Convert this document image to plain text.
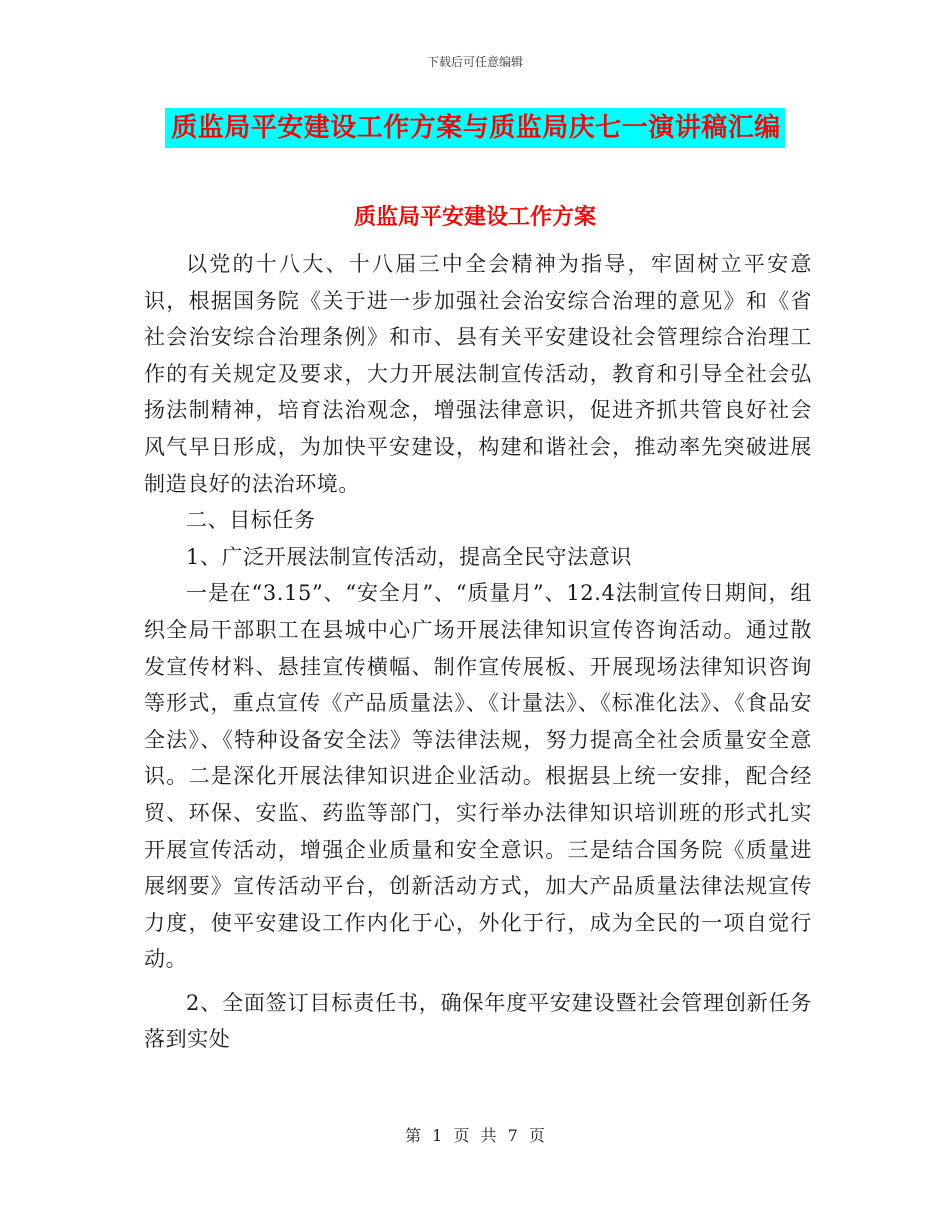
下载后可任意编辑
质监局平安建设工作方案与质监局庆七一演讲稿汇编
质监局平安建设工作方案

以党的十八大、十八届三中全会精神为指导，牢固树立平安意识，根据国务院《关于进一步加强社会治安综合治理的意见》和《省社会治安综合治理条例》和市、县有关平安建设社会管理综合治理工作的有关规定及要求，大力开展法制宣传活动，教育和引导全社会弘扬法制精神，培育法治观念，增强法律意识，促进齐抓共管良好社会风气早日形成，为加快平安建设，构建和谐社会，推动率先突破进展制造良好的法治环境。

二、目标任务

1、广泛开展法制宣传活动，提高全民守法意识

一是在“3.15”、“安全月”、“质量月”、12.4法制宣传日期间，组织全局干部职工在县城中心广场开展法律知识宣传咨询活动。通过散发宣传材料、悬挂宣传横幅、制作宣传展板、开展现场法律知识咨询等形式，重点宣传《产品质量法》、《计量法》、《标准化法》、《食品安全法》、《特种设备安全法》等法律法规，努力提高全社会质量安全意识。二是深化开展法律知识进企业活动。根据县上统一安排，配合经贸、环保、安监、药监等部门，实行举办法律知识培训班的形式扎实开展宣传活动，增强企业质量和安全意识。三是结合国务院《质量进展纲要》宣传活动平台，创新活动方式，加大产品质量法律法规宣传力度，使平安建设工作内化于心，外化于行，成为全民的一项自觉行动。

2、全面签订目标责任书，确保年度平安建设暨社会管理创新任务落到实处

第 1 页 共 7 页
